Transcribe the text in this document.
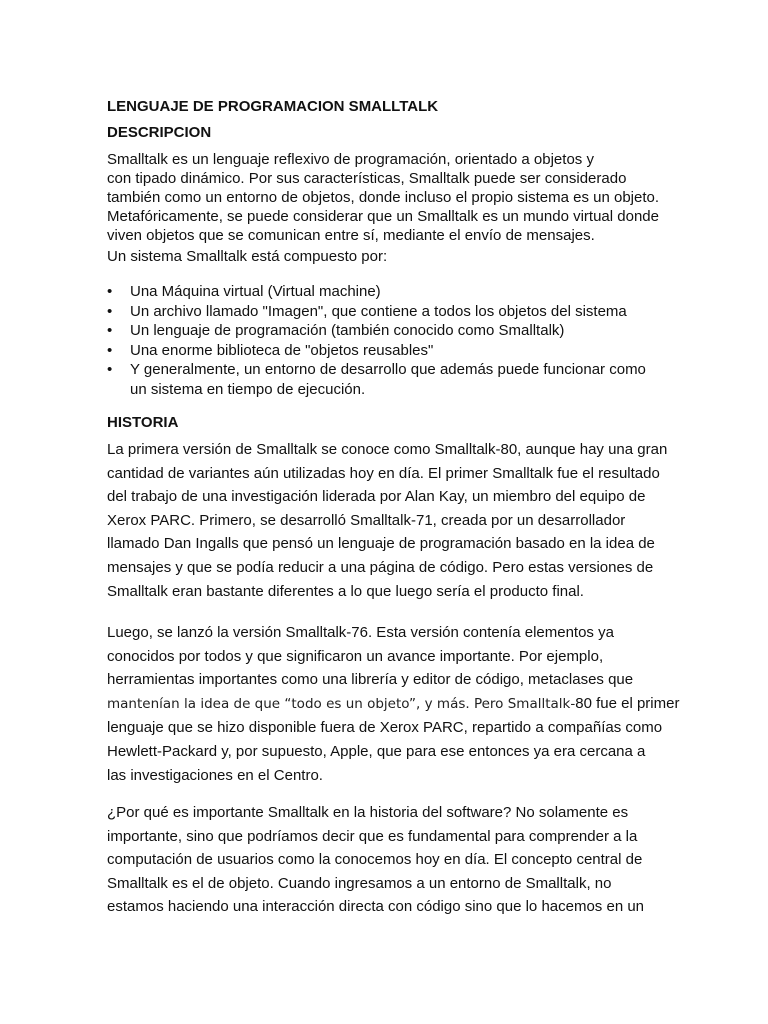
LENGUAJE DE PROGRAMACION SMALLTALK
DESCRIPCION
Smalltalk es un lenguaje reflexivo de programación, orientado a objetos y
con tipado dinámico. Por sus características, Smalltalk puede ser considerado
también como un entorno de objetos, donde incluso el propio sistema es un objeto.
Metafóricamente, se puede considerar que un Smalltalk es un mundo virtual donde
viven objetos que se comunican entre sí, mediante el envío de mensajes.
Un sistema Smalltalk está compuesto por:
• Una Máquina virtual (Virtual machine)
• Un archivo llamado "Imagen", que contiene a todos los objetos del sistema
• Un lenguaje de programación (también conocido como Smalltalk)
• Una enorme biblioteca de "objetos reusables"
• Y generalmente, un entorno de desarrollo que además puede funcionar como
un sistema en tiempo de ejecución.
HISTORIA
La primera versión de Smalltalk se conoce como Smalltalk-80, aunque hay una gran
cantidad de variantes aún utilizadas hoy en día. El primer Smalltalk fue el resultado
del trabajo de una investigación liderada por Alan Kay, un miembro del equipo de
Xerox PARC. Primero, se desarrolló Smalltalk-71, creada por un desarrollador
llamado Dan Ingalls que pensó un lenguaje de programación basado en la idea de
mensajes y que se podía reducir a una página de código. Pero estas versiones de
Smalltalk eran bastante diferentes a lo que luego sería el producto final.
Luego, se lanzó la versión Smalltalk-76. Esta versión contenía elementos ya
conocidos por todos y que significaron un avance importante. Por ejemplo,
herramientas importantes como una librería y editor de código, metaclases que
mantenían la idea de que “todo es un objeto”, y más. Pero Smalltalk-80 fue el primer
lenguaje que se hizo disponible fuera de Xerox PARC, repartido a compañías como
Hewlett-Packard y, por supuesto, Apple, que para ese entonces ya era cercana a
las investigaciones en el Centro.
¿Por qué es importante Smalltalk en la historia del software? No solamente es
importante, sino que podríamos decir que es fundamental para comprender a la
computación de usuarios como la conocemos hoy en día. El concepto central de
Smalltalk es el de objeto. Cuando ingresamos a un entorno de Smalltalk, no
estamos haciendo una interacción directa con código sino que lo hacemos en un
